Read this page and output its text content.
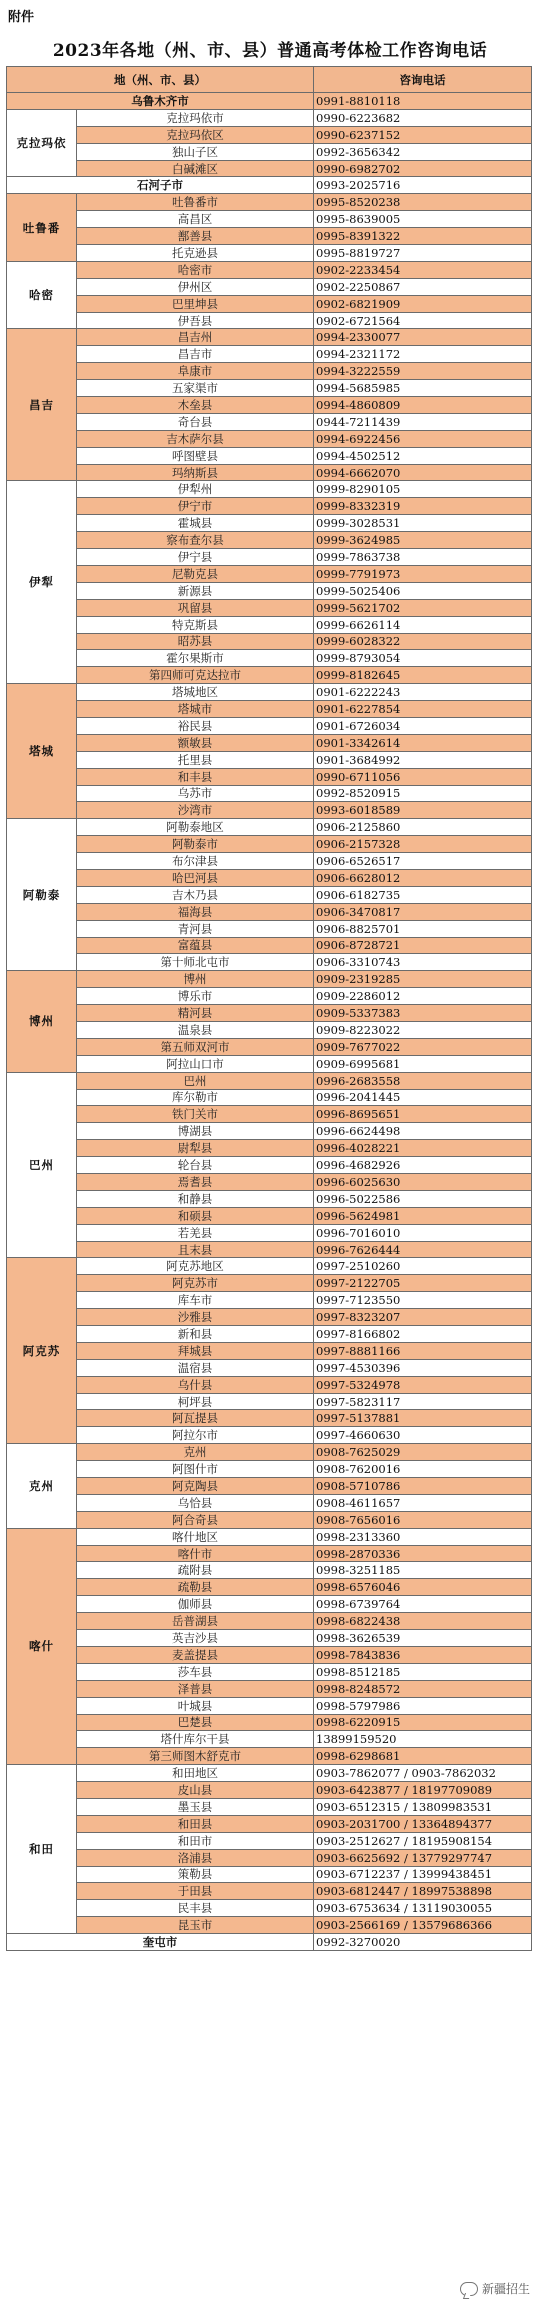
附件
2023年各地（州、市、县）普通高考体检工作咨询电话
地（州、市、县）		咨询电话
乌鲁木齐市		0991-8810118
克拉玛依	克拉玛依市	0990-6223682
	克拉玛依区	0990-6237152
	独山子区	0992-3656342
	白碱滩区	0990-6982702
石河子市		0993-2025716
吐鲁番	吐鲁番市	0995-8520238
	高昌区	0995-8639005
	鄯善县	0995-8391322
	托克逊县	0995-8819727
哈密	哈密市	0902-2233454
	伊州区	0902-2250867
	巴里坤县	0902-6821909
	伊吾县	0902-6721564
昌吉	昌吉州	0994-2330077
	昌吉市	0994-2321172
	阜康市	0994-3222559
	五家渠市	0994-5685985
	木垒县	0994-4860809
	奇台县	0944-7211439
	吉木萨尔县	0994-6922456
	呼图壁县	0994-4502512
	玛纳斯县	0994-6662070
伊犁	伊犁州	0999-8290105
	伊宁市	0999-8332319
	霍城县	0999-3028531
	察布查尔县	0999-3624985
	伊宁县	0999-7863738
	尼勒克县	0999-7791973
	新源县	0999-5025406
	巩留县	0999-5621702
	特克斯县	0999-6626114
	昭苏县	0999-6028322
	霍尔果斯市	0999-8793054
	第四师可克达拉市	0999-8182645
塔城	塔城地区	0901-6222243
	塔城市	0901-6227854
	裕民县	0901-6726034
	额敏县	0901-3342614
	托里县	0901-3684992
	和丰县	0990-6711056
	乌苏市	0992-8520915
	沙湾市	0993-6018589
阿勒泰	阿勒泰地区	0906-2125860
	阿勒泰市	0906-2157328
	布尔津县	0906-6526517
	哈巴河县	0906-6628012
	吉木乃县	0906-6182735
	福海县	0906-3470817
	青河县	0906-8825701
	富蕴县	0906-8728721
	第十师北屯市	0906-3310743
博州	博州	0909-2319285
	博乐市	0909-2286012
	精河县	0909-5337383
	温泉县	0909-8223022
	第五师双河市	0909-7677022
	阿拉山口市	0909-6995681
巴州	巴州	0996-2683558
	库尔勒市	0996-2041445
	铁门关市	0996-8695651
	博湖县	0996-6624498
	尉犁县	0996-4028221
	轮台县	0996-4682926
	焉耆县	0996-6025630
	和静县	0996-5022586
	和硕县	0996-5624981
	若羌县	0996-7016010
	且末县	0996-7626444
阿克苏	阿克苏地区	0997-2510260
	阿克苏市	0997-2122705
	库车市	0997-7123550
	沙雅县	0997-8323207
	新和县	0997-8166802
	拜城县	0997-8881166
	温宿县	0997-4530396
	乌什县	0997-5324978
	柯坪县	0997-5823117
	阿瓦提县	0997-5137881
	阿拉尔市	0997-4660630
克州	克州	0908-7625029
	阿图什市	0908-7620016
	阿克陶县	0908-5710786
	乌恰县	0908-4611657
	阿合奇县	0908-7656016
喀什	喀什地区	0998-2313360
	喀什市	0998-2870336
	疏附县	0998-3251185
	疏勒县	0998-6576046
	伽师县	0998-6739764
	岳普湖县	0998-6822438
	英吉沙县	0998-3626539
	麦盖提县	0998-7843836
	莎车县	0998-8512185
	泽普县	0998-8248572
	叶城县	0998-5797986
	巴楚县	0998-6220915
	塔什库尔干县	13899159520
	第三师图木舒克市	0998-6298681
和田	和田地区	0903-7862077 / 0903-7862032
	皮山县	0903-6423877 / 18197709089
	墨玉县	0903-6512315 / 13809983531
	和田县	0903-2031700 / 13364894377
	和田市	0903-2512627 / 18195908154
	洛浦县	0903-6625692 / 13779297747
	策勒县	0903-6712237 / 13999438451
	于田县	0903-6812447 / 18997538898
	民丰县	0903-6753634 / 13119030055
	昆玉市	0903-2566169 / 13579686366
奎屯市		0992-3270020
新疆招生
